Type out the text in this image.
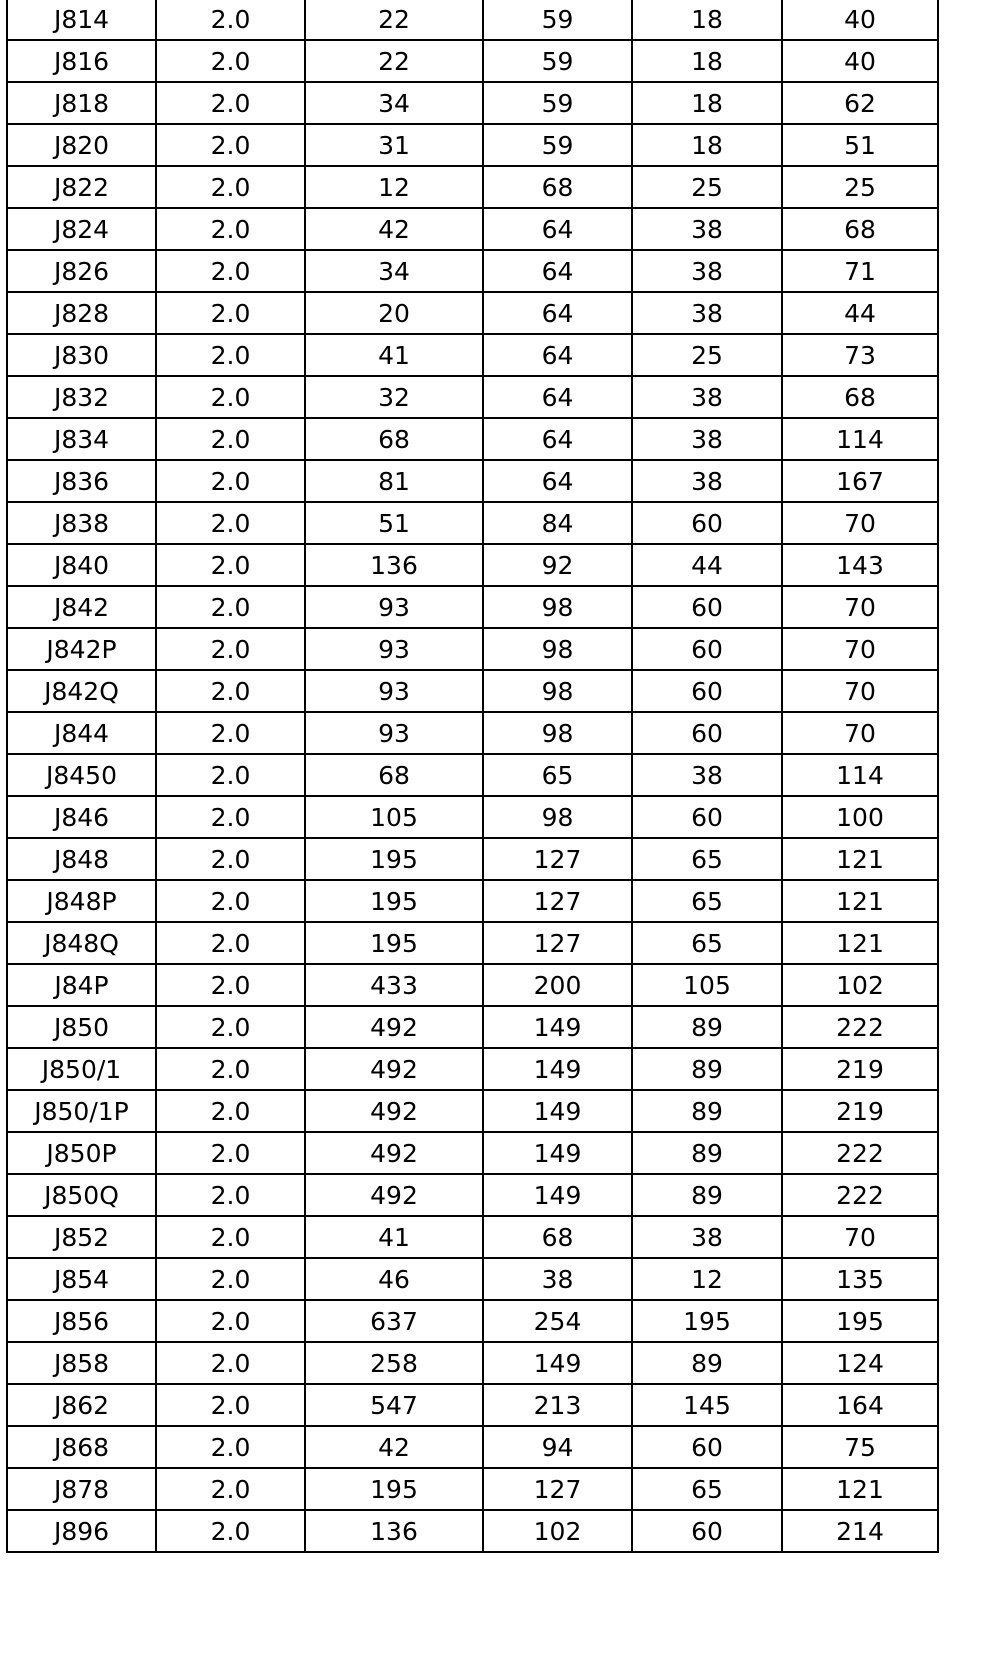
J814	2.0	22	59	18	40
J816	2.0	22	59	18	40
J818	2.0	34	59	18	62
J820	2.0	31	59	18	51
J822	2.0	12	68	25	25
J824	2.0	42	64	38	68
J826	2.0	34	64	38	71
J828	2.0	20	64	38	44
J830	2.0	41	64	25	73
J832	2.0	32	64	38	68
J834	2.0	68	64	38	114
J836	2.0	81	64	38	167
J838	2.0	51	84	60	70
J840	2.0	136	92	44	143
J842	2.0	93	98	60	70
J842P	2.0	93	98	60	70
J842Q	2.0	93	98	60	70
J844	2.0	93	98	60	70
J8450	2.0	68	65	38	114
J846	2.0	105	98	60	100
J848	2.0	195	127	65	121
J848P	2.0	195	127	65	121
J848Q	2.0	195	127	65	121
J84P	2.0	433	200	105	102
J850	2.0	492	149	89	222
J850/1	2.0	492	149	89	219
J850/1P	2.0	492	149	89	219
J850P	2.0	492	149	89	222
J850Q	2.0	492	149	89	222
J852	2.0	41	68	38	70
J854	2.0	46	38	12	135
J856	2.0	637	254	195	195
J858	2.0	258	149	89	124
J862	2.0	547	213	145	164
J868	2.0	42	94	60	75
J878	2.0	195	127	65	121
J896	2.0	136	102	60	214
